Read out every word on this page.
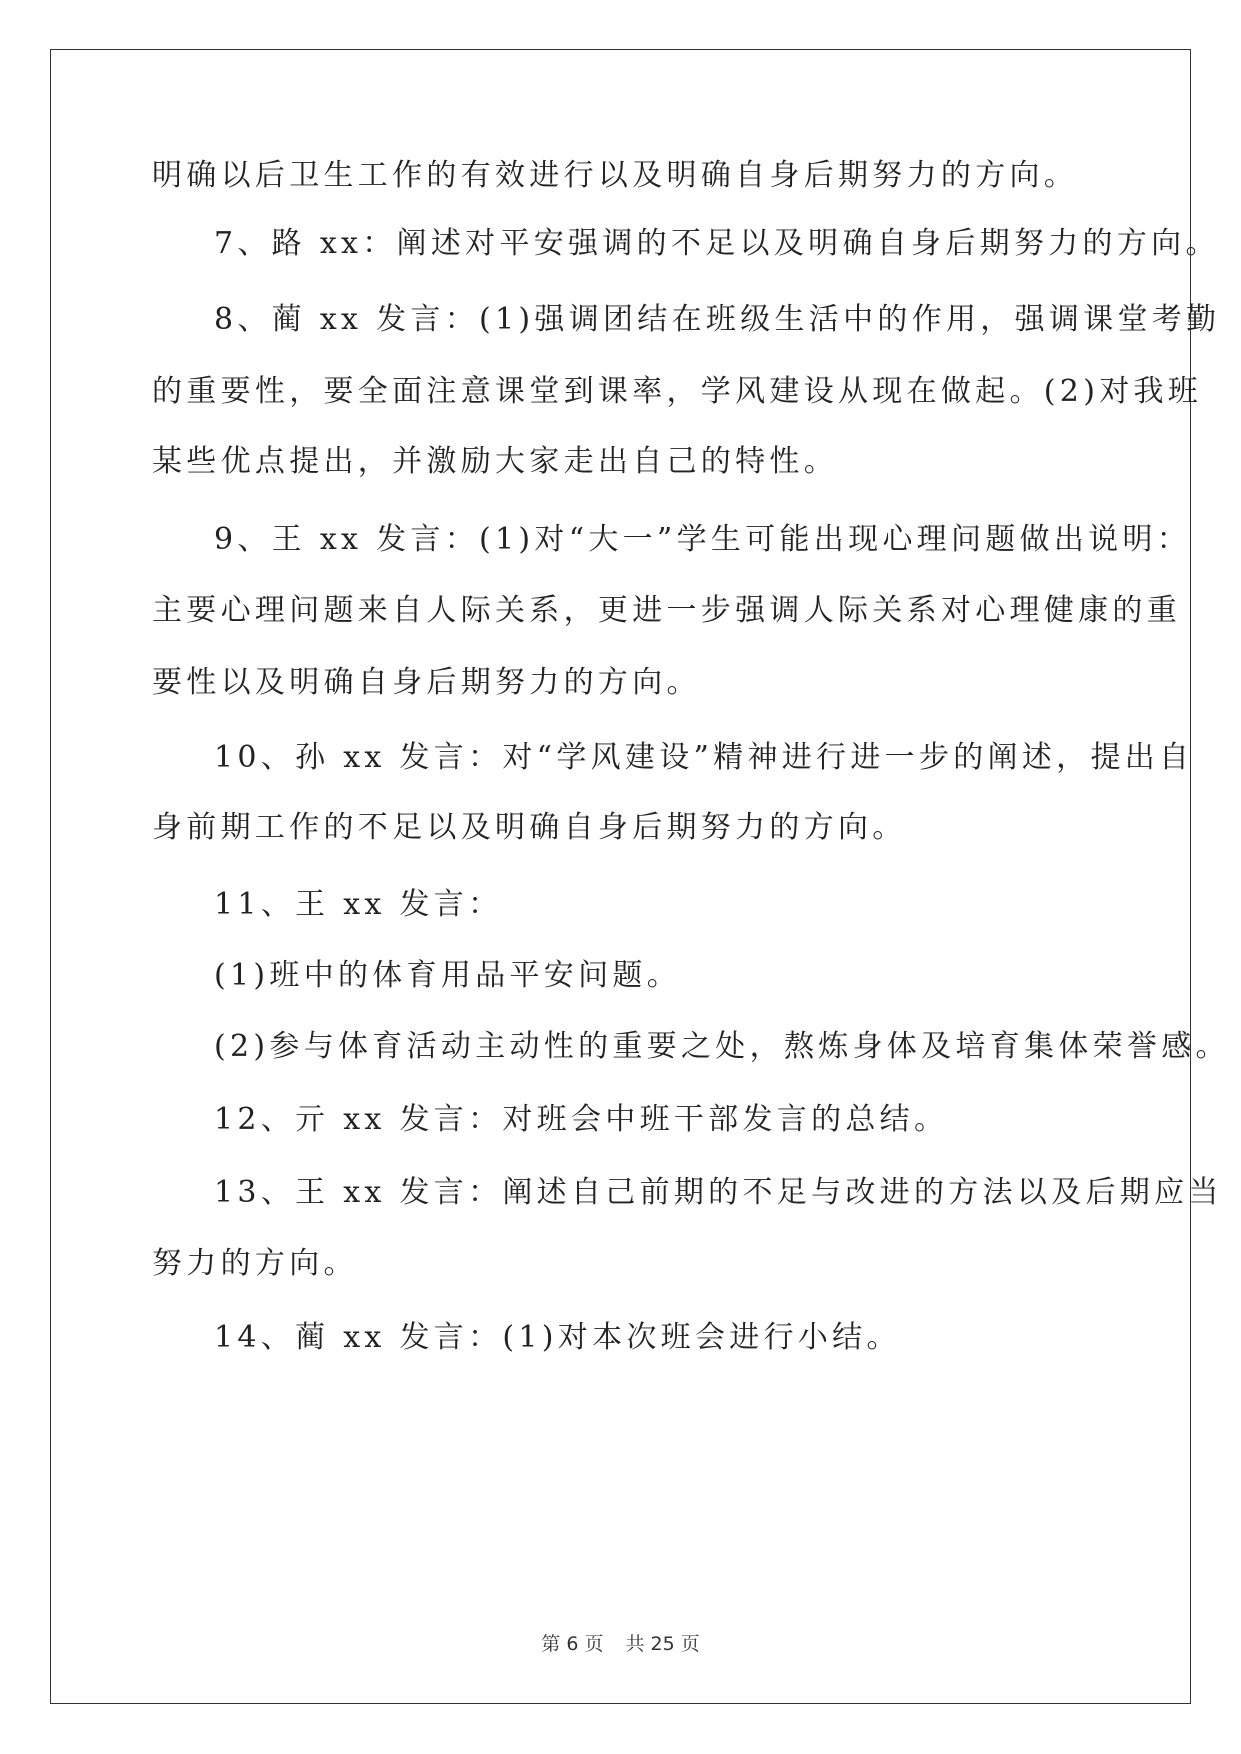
明确以后卫生工作的有效进行以及明确自身后期努力的方向。
7、路 xx：阐述对平安强调的不足以及明确自身后期努力的方向。
8、蔺 xx 发言：(1)强调团结在班级生活中的作用，强调课堂考勤
的重要性，要全面注意课堂到课率，学风建设从现在做起。(2)对我班
某些优点提出，并激励大家走出自己的特性。
9、王 xx 发言：(1)对“大一”学生可能出现心理问题做出说明：
主要心理问题来自人际关系，更进一步强调人际关系对心理健康的重
要性以及明确自身后期努力的方向。
10、孙 xx 发言：对“学风建设”精神进行进一步的阐述，提出自
身前期工作的不足以及明确自身后期努力的方向。
11、王 xx 发言：
(1)班中的体育用品平安问题。
(2)参与体育活动主动性的重要之处，熬炼身体及培育集体荣誉感。
12、亓 xx 发言：对班会中班干部发言的总结。
13、王 xx 发言：阐述自己前期的不足与改进的方法以及后期应当
努力的方向。
14、蔺 xx 发言：(1)对本次班会进行小结。
第 6 页 共 25 页
